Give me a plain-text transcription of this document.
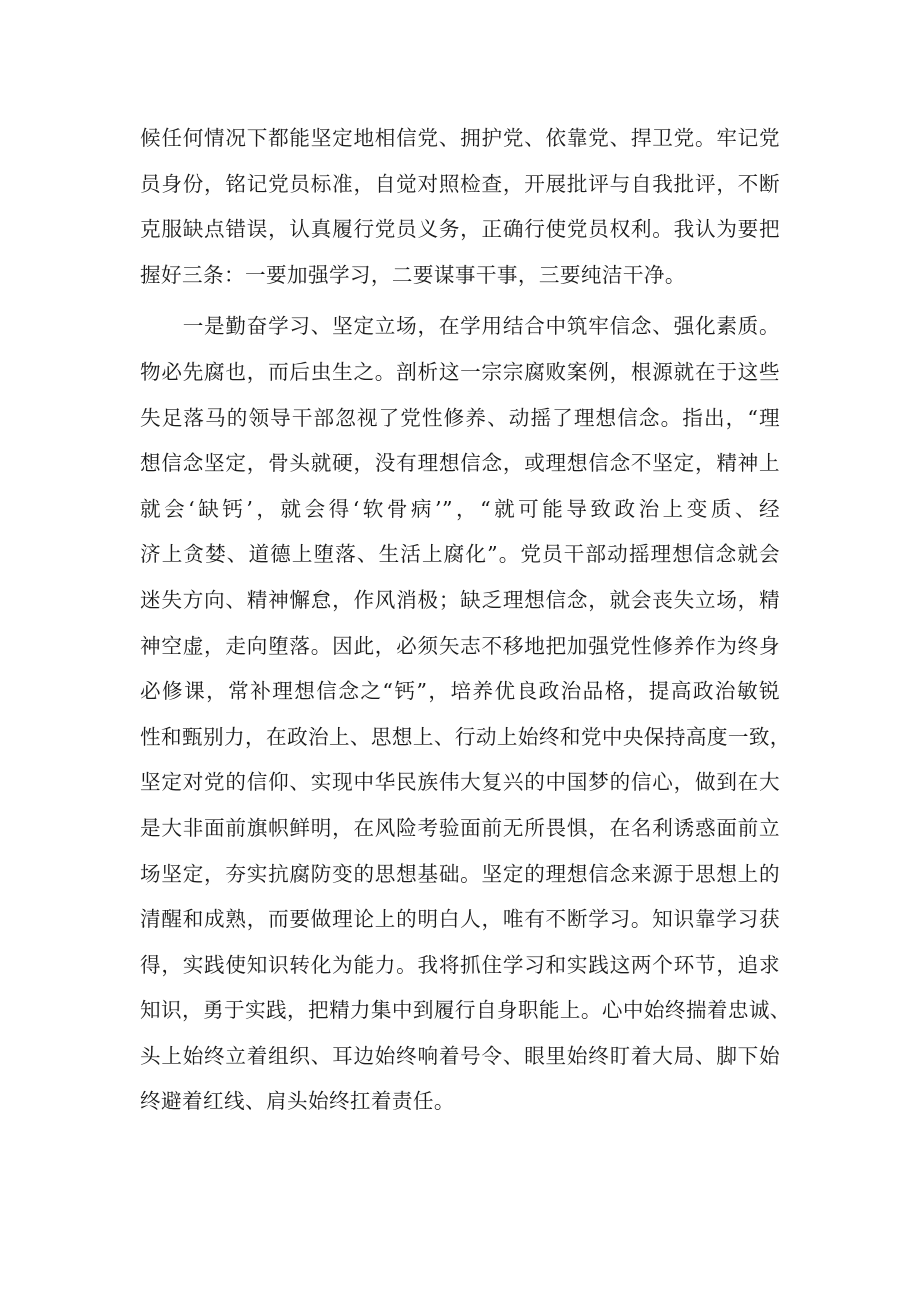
候任何情况下都能坚定地相信党、拥护党、依靠党、捍卫党。牢记党
员身份，铭记党员标准，自觉对照检查，开展批评与自我批评，不断
克服缺点错误，认真履行党员义务，正确行使党员权利。我认为要把
握好三条：一要加强学习，二要谋事干事，三要纯洁干净。
　　一是勤奋学习、坚定立场，在学用结合中筑牢信念、强化素质。
物必先腐也，而后虫生之。剖析这一宗宗腐败案例，根源就在于这些
失足落马的领导干部忽视了党性修养、动摇了理想信念。指出，“理
想信念坚定，骨头就硬，没有理想信念，或理想信念不坚定，精神上
就会‘缺钙’，就会得‘软骨病’”，“就可能导致政治上变质、经
济上贪婪、道德上堕落、生活上腐化”。党员干部动摇理想信念就会
迷失方向、精神懈怠，作风消极；缺乏理想信念，就会丧失立场，精
神空虚，走向堕落。因此，必须矢志不移地把加强党性修养作为终身
必修课，常补理想信念之“钙”，培养优良政治品格，提高政治敏锐
性和甄别力，在政治上、思想上、行动上始终和党中央保持高度一致，
坚定对党的信仰、实现中华民族伟大复兴的中国梦的信心，做到在大
是大非面前旗帜鲜明，在风险考验面前无所畏惧，在名利诱惑面前立
场坚定，夯实抗腐防变的思想基础。坚定的理想信念来源于思想上的
清醒和成熟，而要做理论上的明白人，唯有不断学习。知识靠学习获
得，实践使知识转化为能力。我将抓住学习和实践这两个环节，追求
知识，勇于实践，把精力集中到履行自身职能上。心中始终揣着忠诚、
头上始终立着组织、耳边始终响着号令、眼里始终盯着大局、脚下始
终避着红线、肩头始终扛着责任。
